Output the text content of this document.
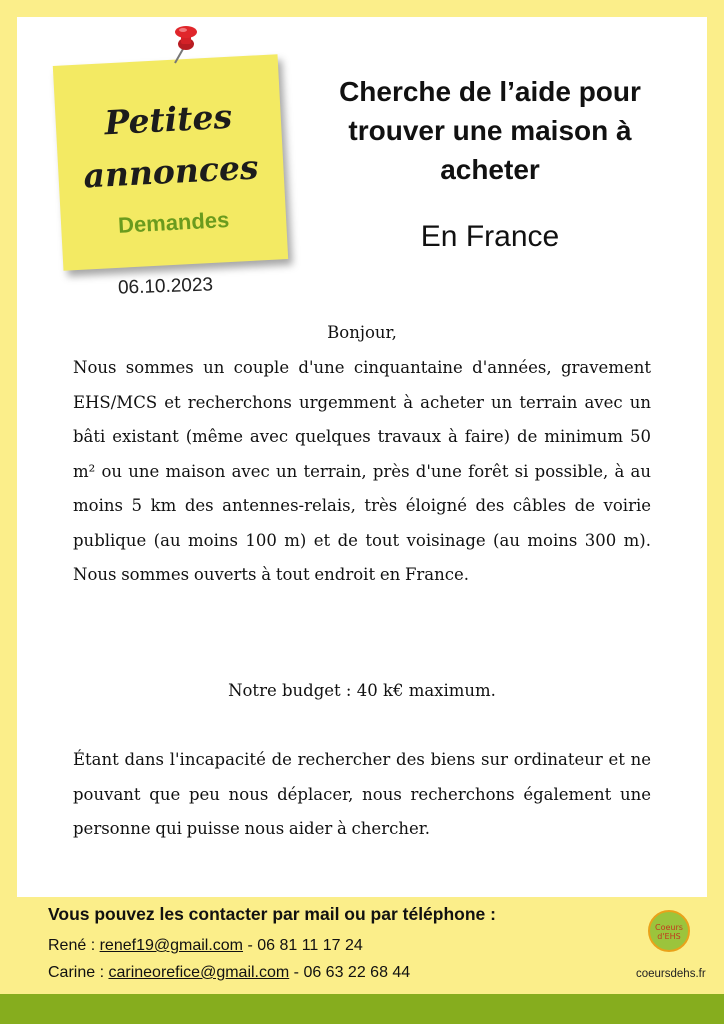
Petites
annonces
Demandes
06.10.2023
Cherche de l’aide pour trouver une maison à acheter
En France
Bonjour,
Nous sommes un couple d'une cinquantaine d'années, gravement EHS/MCS et recherchons urgemment à acheter un terrain avec un bâti existant (même avec quelques travaux à faire) de minimum 50 m² ou une maison avec un terrain, près d'une forêt si possible, à au moins 5 km des antennes-relais, très éloigné des câbles de voirie publique (au moins 100 m) et de tout voisinage (au moins 300 m). Nous sommes ouverts à tout endroit en France.
Notre budget : 40 k€ maximum.
Étant dans l'incapacité de rechercher des biens sur ordinateur et ne pouvant que peu nous déplacer, nous recherchons également une personne qui puisse nous aider à chercher.
Vous pouvez les contacter par mail ou par téléphone :
René : renef19@gmail.com - 06 81 11 17 24
Carine : carineorefice@gmail.com - 06 63 22 68 44
Coeurs d'EHS
coeursdehs.fr
